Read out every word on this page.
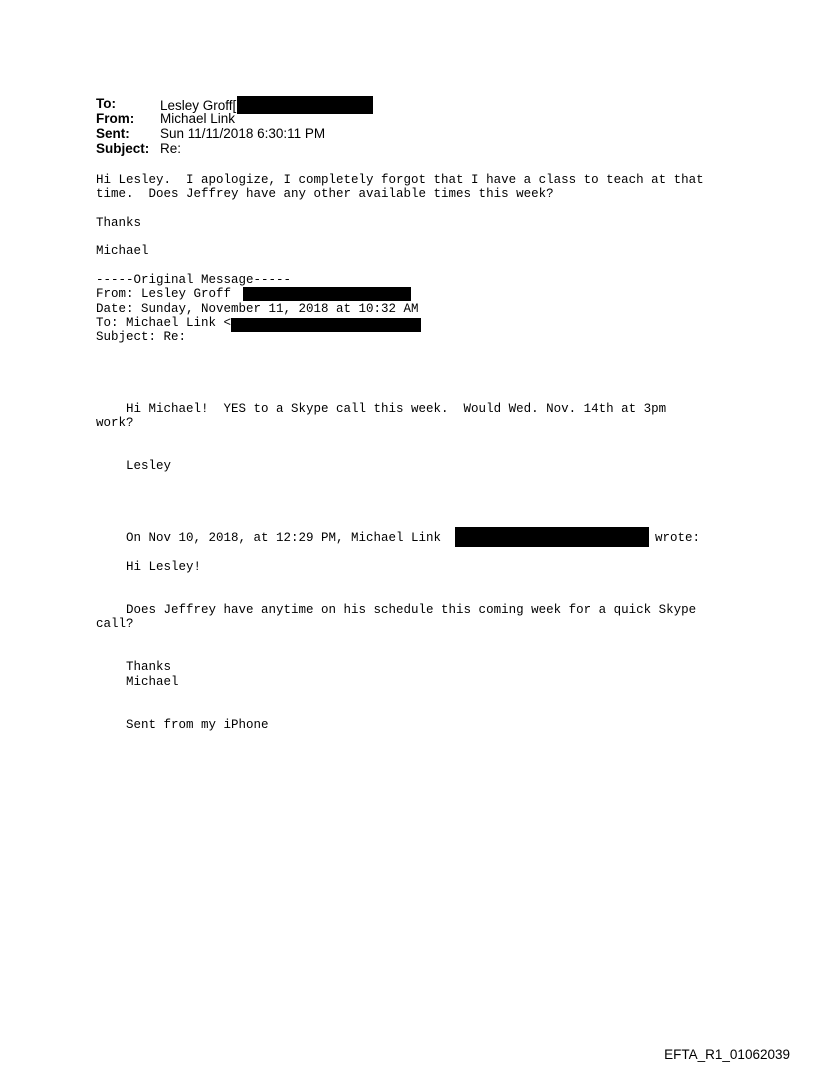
To:	Lesley Groff[
From:	Michael Link
Sent:	Sun 11/11/2018 6:30:11 PM
Subject: Re:
Hi Lesley.  I apologize, I completely forgot that I have a class to teach at that
time.  Does Jeffrey have any other available times this week?
Thanks
Michael
-----Original Message-----
From: Lesley Groff
Date: Sunday, November 11, 2018 at 10:32 AM
To: Michael Link <
Subject: Re:
Hi Michael!  YES to a Skype call this week.  Would Wed. Nov. 14th at 3pm
work?
Lesley
On Nov 10, 2018, at 12:29 PM, Michael Link	wrote:
Hi Lesley!
Does Jeffrey have anytime on his schedule this coming week for a quick Skype
call?
Thanks
Michael
Sent from my iPhone
EFTA_R1_01062039
